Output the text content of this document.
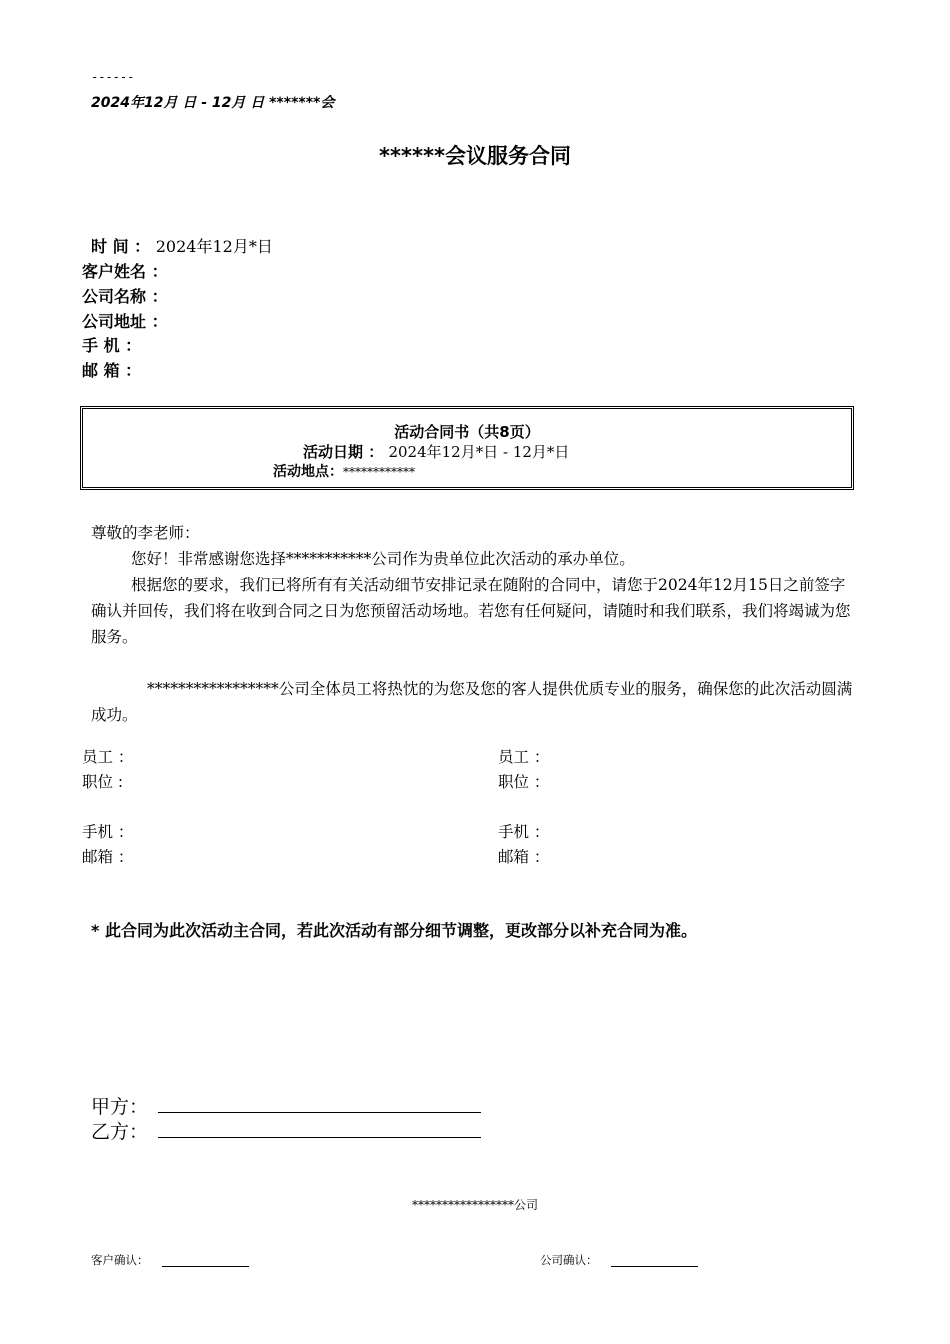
------
2024年12月 日 - 12月 日 *******会
******会议服务合同
时 间 ： 2024年12月*日
客户姓名 ：
公司名称 ：
公司地址 ：
手 机 ：
邮 箱 ：
活动合同书（共8页）
活动日期 ： 2024年12月*日 - 12月*日
活动地点：************

尊敬的李老师：

您好！非常感谢您选择***********公司作为贵单位此次活动的承办单位。

根据您的要求，我们已将所有有关活动细节安排记录在随附的合同中，请您于2024年12月15日之前签字确认并回传，我们将在收到合同之日为您预留活动场地。若您有任何疑问，请随时和我们联系，我们将竭诚为您服务。

*****************公司全体员工将热忱的为您及您的客人提供优质专业的服务，确保您的此次活动圆满成功。

员工 ：
职位 :
手机 ：
邮箱 ：
员工 ：
职位 ：
手机 ：
邮箱 ：
* 此合同为此次活动主合同，若此次活动有部分细节调整，更改部分以补充合同为准。
甲方：
乙方：
*****************公司
客户确认：	公司确认：
